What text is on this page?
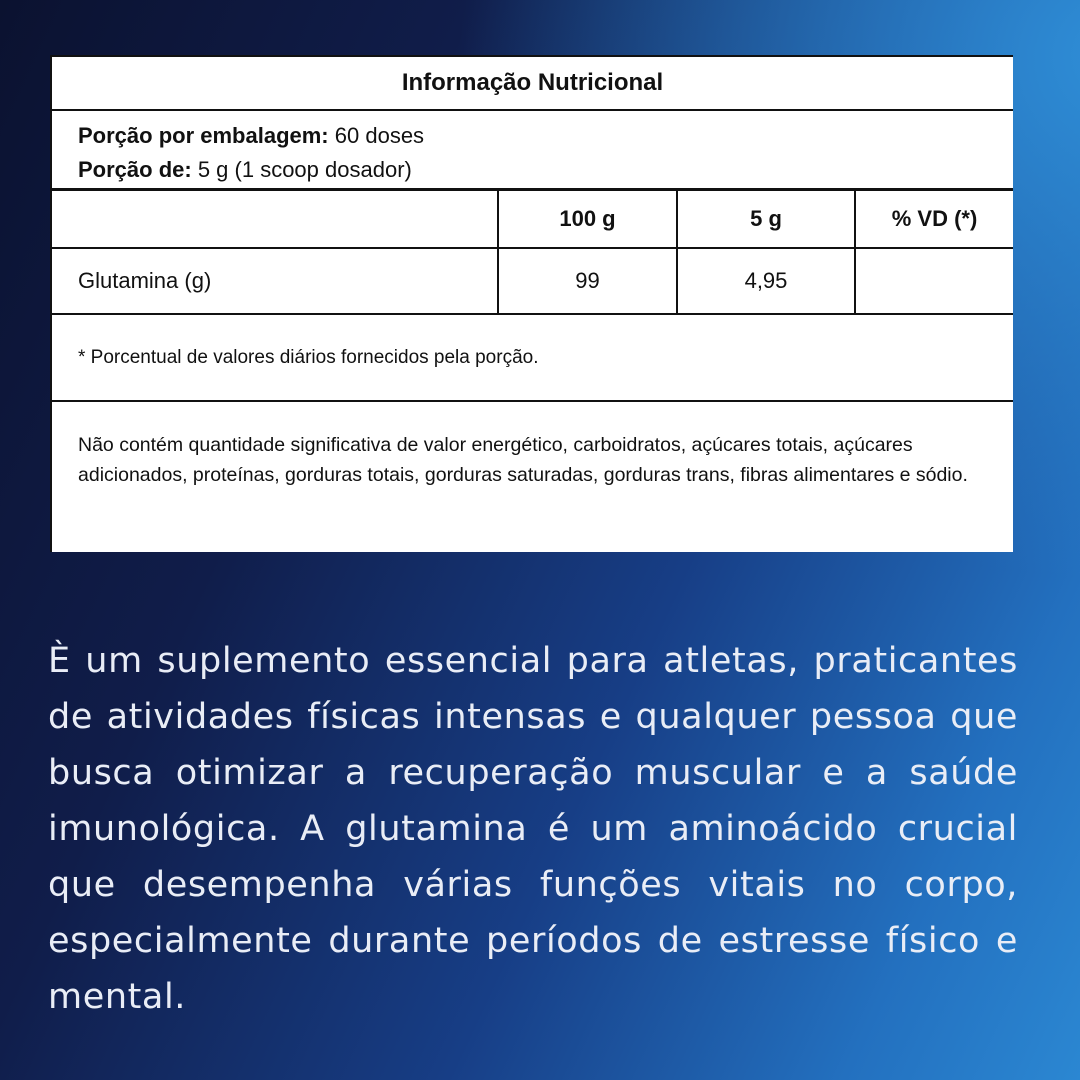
Informação Nutricional
Porção por embalagem: 60 doses
Porção de: 5 g (1 scoop dosador)
	100 g	5 g	% VD (*)
Glutamina (g)	99	4,95	
* Porcentual de valores diários fornecidos pela porção.
Não contém quantidade significativa de valor energético, carboidratos, açúcares totais, açúcares adicionados, proteínas, gorduras totais, gorduras saturadas, gorduras trans, fibras alimentares e sódio.
È um suplemento essencial para atletas, praticantes de atividades físicas intensas e qualquer pessoa que busca otimizar a recuperação muscular e a saúde imunológica. A glutamina é um aminoácido crucial que desempenha várias funções vitais no corpo, especialmente durante períodos de estresse físico e mental.
